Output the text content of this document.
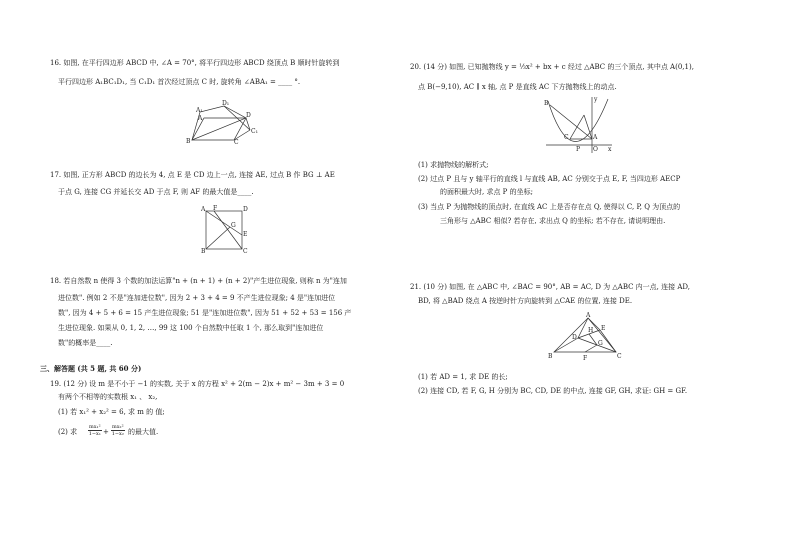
16. 如图, 在平行四边形 ABCD 中, ∠A = 70°, 将平行四边形 ABCD 绕顶点 B 顺时针旋转到
平行四边形 A₁BC₁D₁, 当 C₁D₁ 首次经过顶点 C 时, 旋转角 ∠ABA₁ = ____ °.
A₁
D₁
A	D
B	C
C₁
17. 如图, 正方形 ABCD 的边长为 4, 点 E 是 CD 边上一点, 连接 AE, 过点 B 作 BG ⊥ AE
于点 G, 连接 CG 并延长交 AD 于点 F, 则 AF 的最大值是____.
A F	D
G
E
B	C
18. 若自然数 n 使得 3 个数的加法运算"n + (n + 1) + (n + 2)"产生进位现象, 则称 n 为"连加
进位数". 例如 2 不是"连加进位数", 因为 2 + 3 + 4 = 9 不产生进位现象; 4 是"连加进位
数", 因为 4 + 5 + 6 = 15 产生进位现象; 51 是"连加进位数", 因为 51 + 52 + 53 = 156 产
生进位现象. 如果从 0, 1, 2, …, 99 这 100 个自然数中任取 1 个, 那么取到"连加进位
数"的概率是____.
三、解答题 (共 5 题, 共 60 分)
19. (12 分) 设 m 是不小于 −1 的实数, 关于 x 的方程 x² + 2(m − 2)x + m² − 3m + 3 = 0
有两个不相等的实数根 x₁ 、 x₂,
(1) 若 x₁² + x₂² = 6, 求 m 的 值;
(2) 求 $\frac{\text{mx₁²}}{\text{1−x₁}} + \frac{\text{mx₂²}}{\text{1−x₂}}$ 的最大值.
20. (14 分) 如图, 已知抛物线 y = ⅓x² + bx + c 经过 △ABC 的三个顶点, 其中点 A(0,1),
点 B(−9,10), AC ∥ x 轴, 点 P 是直线 AC 下方抛物线上的动点.
y
B
A
C
P O x
(1) 求抛物线的解析式;
(2) 过点 P 且与 y 轴平行的直线 l 与直线 AB, AC 分别交于点 E, F, 当四边形 AECP
的面积最大时, 求点 P 的坐标;
(3) 当点 P 为抛物线的顶点时, 在直线 AC 上是否存在点 Q, 使得以 C, P, Q 为顶点的
三角形与 △ABC 相似? 若存在, 求出点 Q 的坐标; 若不存在, 请说明理由.
21. (10 分) 如图, 在 △ABC 中, ∠BAC = 90°, AB = AC, D 为 △ABC 内一点, 连接 AD,
BD, 将 △BAD 绕点 A 按逆时针方向旋转到 △CAE 的位置, 连接 DE.
A
H E
D
G
B	F	C
(1) 若 AD = 1, 求 DE 的长;
(2) 连接 CD, 若 F, G, H 分别为 BC, CD, DE 的中点, 连接 GF, GH, 求证: GH = GF.
